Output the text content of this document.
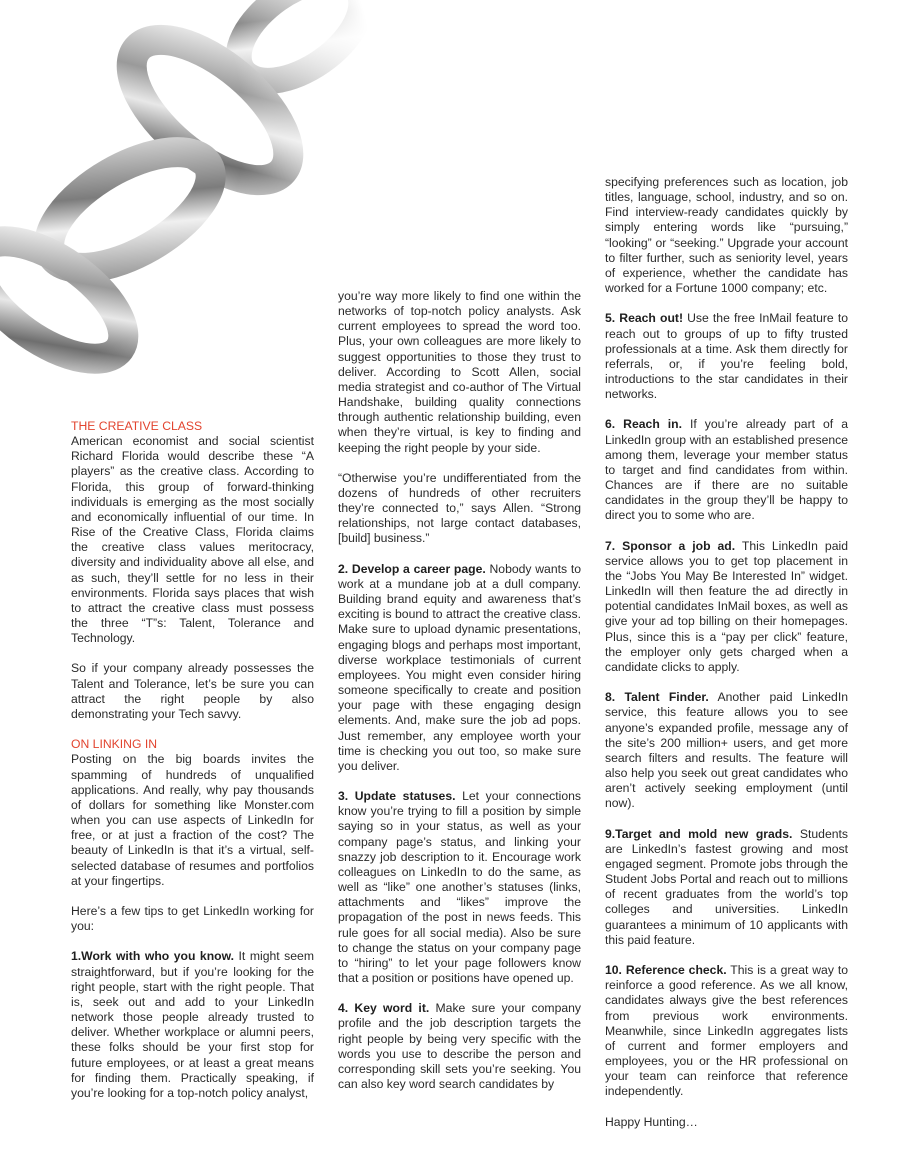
THE CREATIVE CLASS

American economist and social scientist Richard Florida would describe these “A players” as the creative class. According to Florida, this group of forward-thinking individuals is emerging as the most socially and economically influential of our time. In Rise of the Creative Class, Florida claims the creative class values meritocracy, diversity and individuality above all else, and as such, they’ll settle for no less in their environments. Florida says places that wish to attract the creative class must possess the three “T”s: Talent, Tolerance and Technology.

So if your company already possesses the Talent and Tolerance, let’s be sure you can attract the right people by also demonstrating your Tech savvy.

ON LINKING IN

Posting on the big boards invites the spamming of hundreds of unqualified applications. And really, why pay thousands of dollars for something like Monster.com when you can use aspects of LinkedIn for free, or at just a fraction of the cost? The beauty of LinkedIn is that it’s a virtual, self-selected database of resumes and portfolios at your fingertips.

Here’s a few tips to get LinkedIn working for you:

1.Work with who you know. It might seem straightforward, but if you’re looking for the right people, start with the right people. That is, seek out and add to your LinkedIn network those people already trusted to deliver. Whether workplace or alumni peers, these folks should be your first stop for future employees, or at least a great means for finding them. Practically speaking, if you’re looking for a top-notch policy analyst,

you’re way more likely to find one within the networks of top-notch policy analysts. Ask current employees to spread the word too. Plus, your own colleagues are more likely to suggest opportunities to those they trust to deliver. According to Scott Allen, social media strategist and co-author of The Virtual Handshake, building quality connections through authentic relationship building, even when they’re virtual, is key to finding and keeping the right people by your side.

“Otherwise you’re undifferentiated from the dozens of hundreds of other recruiters they’re connected to,” says Allen. “Strong relationships, not large contact databases, [build] business.”

2. Develop a career page. Nobody wants to work at a mundane job at a dull company. Building brand equity and awareness that’s exciting is bound to attract the creative class. Make sure to upload dynamic presentations, engaging blogs and perhaps most important, diverse workplace testimonials of current employees. You might even consider hiring someone specifically to create and position your page with these engaging design elements. And, make sure the job ad pops. Just remember, any employee worth your time is checking you out too, so make sure you deliver.

3. Update statuses. Let your connections know you’re trying to fill a position by simple saying so in your status, as well as your company page’s status, and linking your snazzy job description to it. Encourage work colleagues on LinkedIn to do the same, as well as “like” one another’s statuses (links, attachments and “likes” improve the propagation of the post in news feeds. This rule goes for all social media). Also be sure to change the status on your company page to “hiring” to let your page followers know that a position or positions have opened up.

4. Key word it. Make sure your company profile and the job description targets the right people by being very specific with the words you use to describe the person and corresponding skill sets you’re seeking. You can also key word search candidates by

specifying preferences such as location, job titles, language, school, industry, and so on. Find interview-ready candidates quickly by simply entering words like “pursuing,” “looking” or “seeking.” Upgrade your account to filter further, such as seniority level, years of experience, whether the candidate has worked for a Fortune 1000 company; etc.

5. Reach out! Use the free InMail feature to reach out to groups of up to fifty trusted professionals at a time. Ask them directly for referrals, or, if you’re feeling bold, introductions to the star candidates in their networks.

6. Reach in. If you’re already part of a LinkedIn group with an established presence among them, leverage your member status to target and find candidates from within. Chances are if there are no suitable candidates in the group they’ll be happy to direct you to some who are.

7. Sponsor a job ad. This LinkedIn paid service allows you to get top placement in the “Jobs You May Be Interested In” widget. LinkedIn will then feature the ad directly in potential candidates InMail boxes, as well as give your ad top billing on their homepages. Plus, since this is a “pay per click” feature, the employer only gets charged when a candidate clicks to apply.

8. Talent Finder. Another paid LinkedIn service, this feature allows you to see anyone’s expanded profile, message any of the site’s 200 million+ users, and get more search filters and results. The feature will also help you seek out great candidates who aren’t actively seeking employment (until now).

9.Target and mold new grads. Students are LinkedIn’s fastest growing and most engaged segment. Promote jobs through the Student Jobs Portal and reach out to millions of recent graduates from the world’s top colleges and universities. LinkedIn guarantees a minimum of 10 applicants with this paid feature.

10. Reference check. This is a great way to reinforce a good reference. As we all know, candidates always give the best references from previous work environments. Meanwhile, since LinkedIn aggregates lists of current and former employers and employees, you or the HR professional on your team can reinforce that reference independently.

Happy Hunting…
